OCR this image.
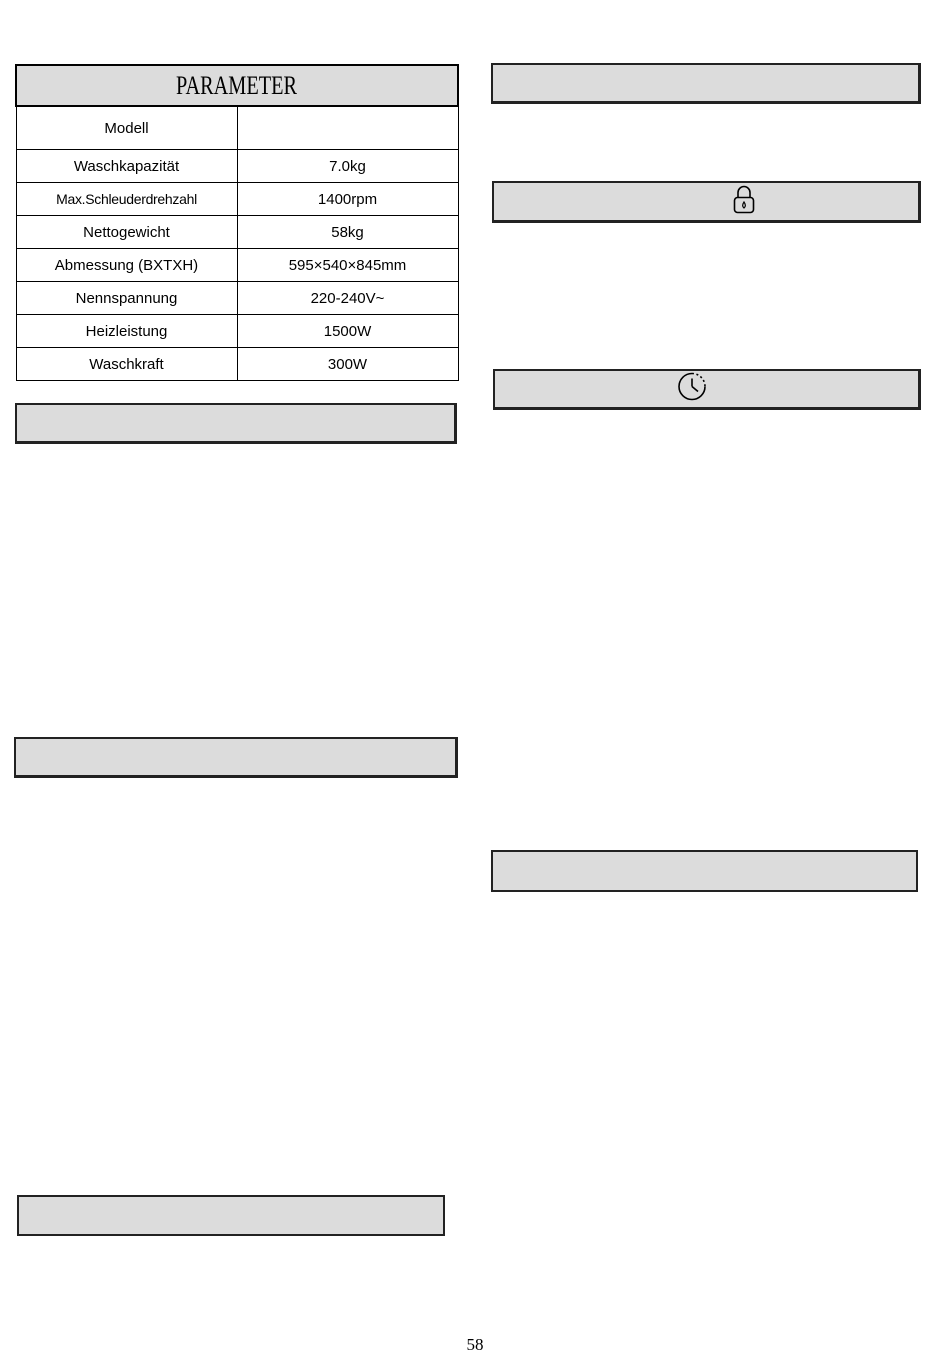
PARAMETER	
Modell	
Waschkapazität	7.0kg
Max.Schleuderdrehzahl	1400rpm
Nettogewicht	58kg
Abmessung (BXTXH)	595×540×845mm
Nennspannung	220-240V~
Heizleistung	1500W
Waschkraft	300W
58
